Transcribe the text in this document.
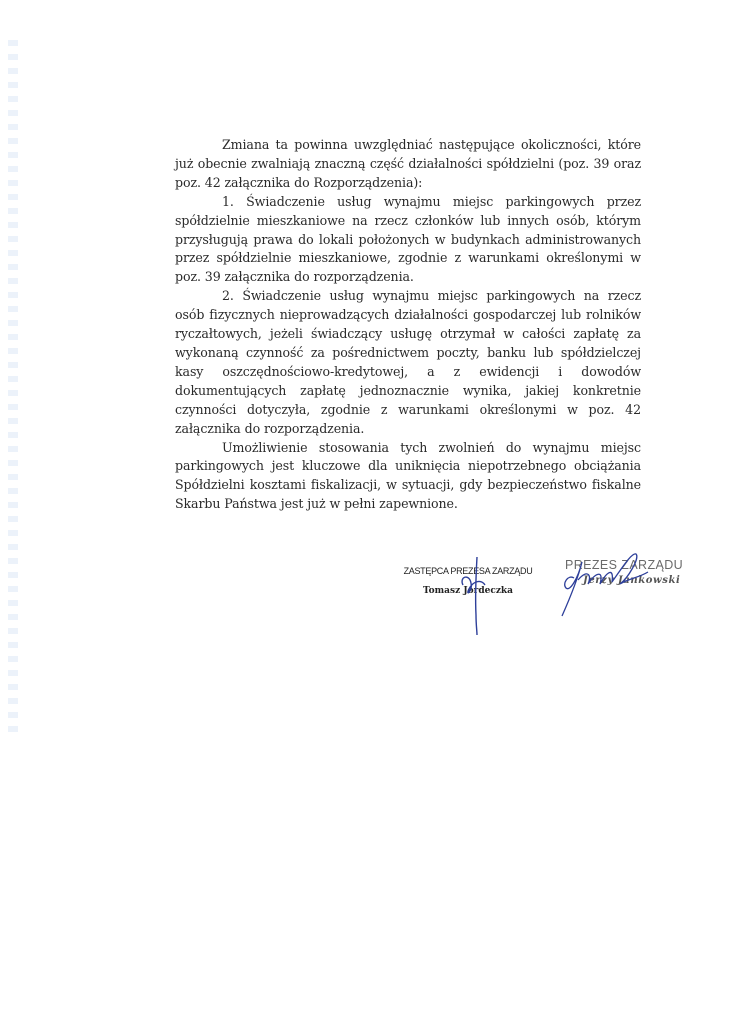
Zmiana ta powinna uwzględniać następujące okoliczności, które już obecnie zwalniają znaczną część działalności spółdzielni (poz. 39 oraz poz. 42 załącznika do Rozporządzenia):

1. Świadczenie usług wynajmu miejsc parkingowych przez spółdzielnie mieszkaniowe na rzecz członków lub innych osób, którym przysługują prawa do lokali położonych w budynkach administrowanych przez spółdzielnie mieszkaniowe, zgodnie z warunkami określonymi w poz. 39 załącznika do rozporządzenia.

2. Świadczenie usług wynajmu miejsc parkingowych na rzecz osób fizycznych nieprowadzących działalności gospodarczej lub rolników ryczałtowych, jeżeli świadczący usługę otrzymał w całości zapłatę za wykonaną czynność za pośrednictwem poczty, banku lub spółdzielczej kasy oszczędnościowo-kredytowej, a z ewidencji i dowodów dokumentujących zapłatę jednoznacznie wynika, jakiej konkretnie czynności dotyczyła, zgodnie z warunkami określonymi w poz. 42 załącznika do rozporządzenia.

Umożliwienie stosowania tych zwolnień do wynajmu miejsc parkingowych jest kluczowe dla uniknięcia niepotrzebnego obciążania Spółdzielni kosztami fiskalizacji, w sytuacji, gdy bezpieczeństwo fiskalne Skarbu Państwa jest już w pełni zapewnione.

ZASTĘPCA PREZESA ZARZĄDU
Tomasz Jordeczka
PREZES ZARZĄDU
Jerzy Jankowski
